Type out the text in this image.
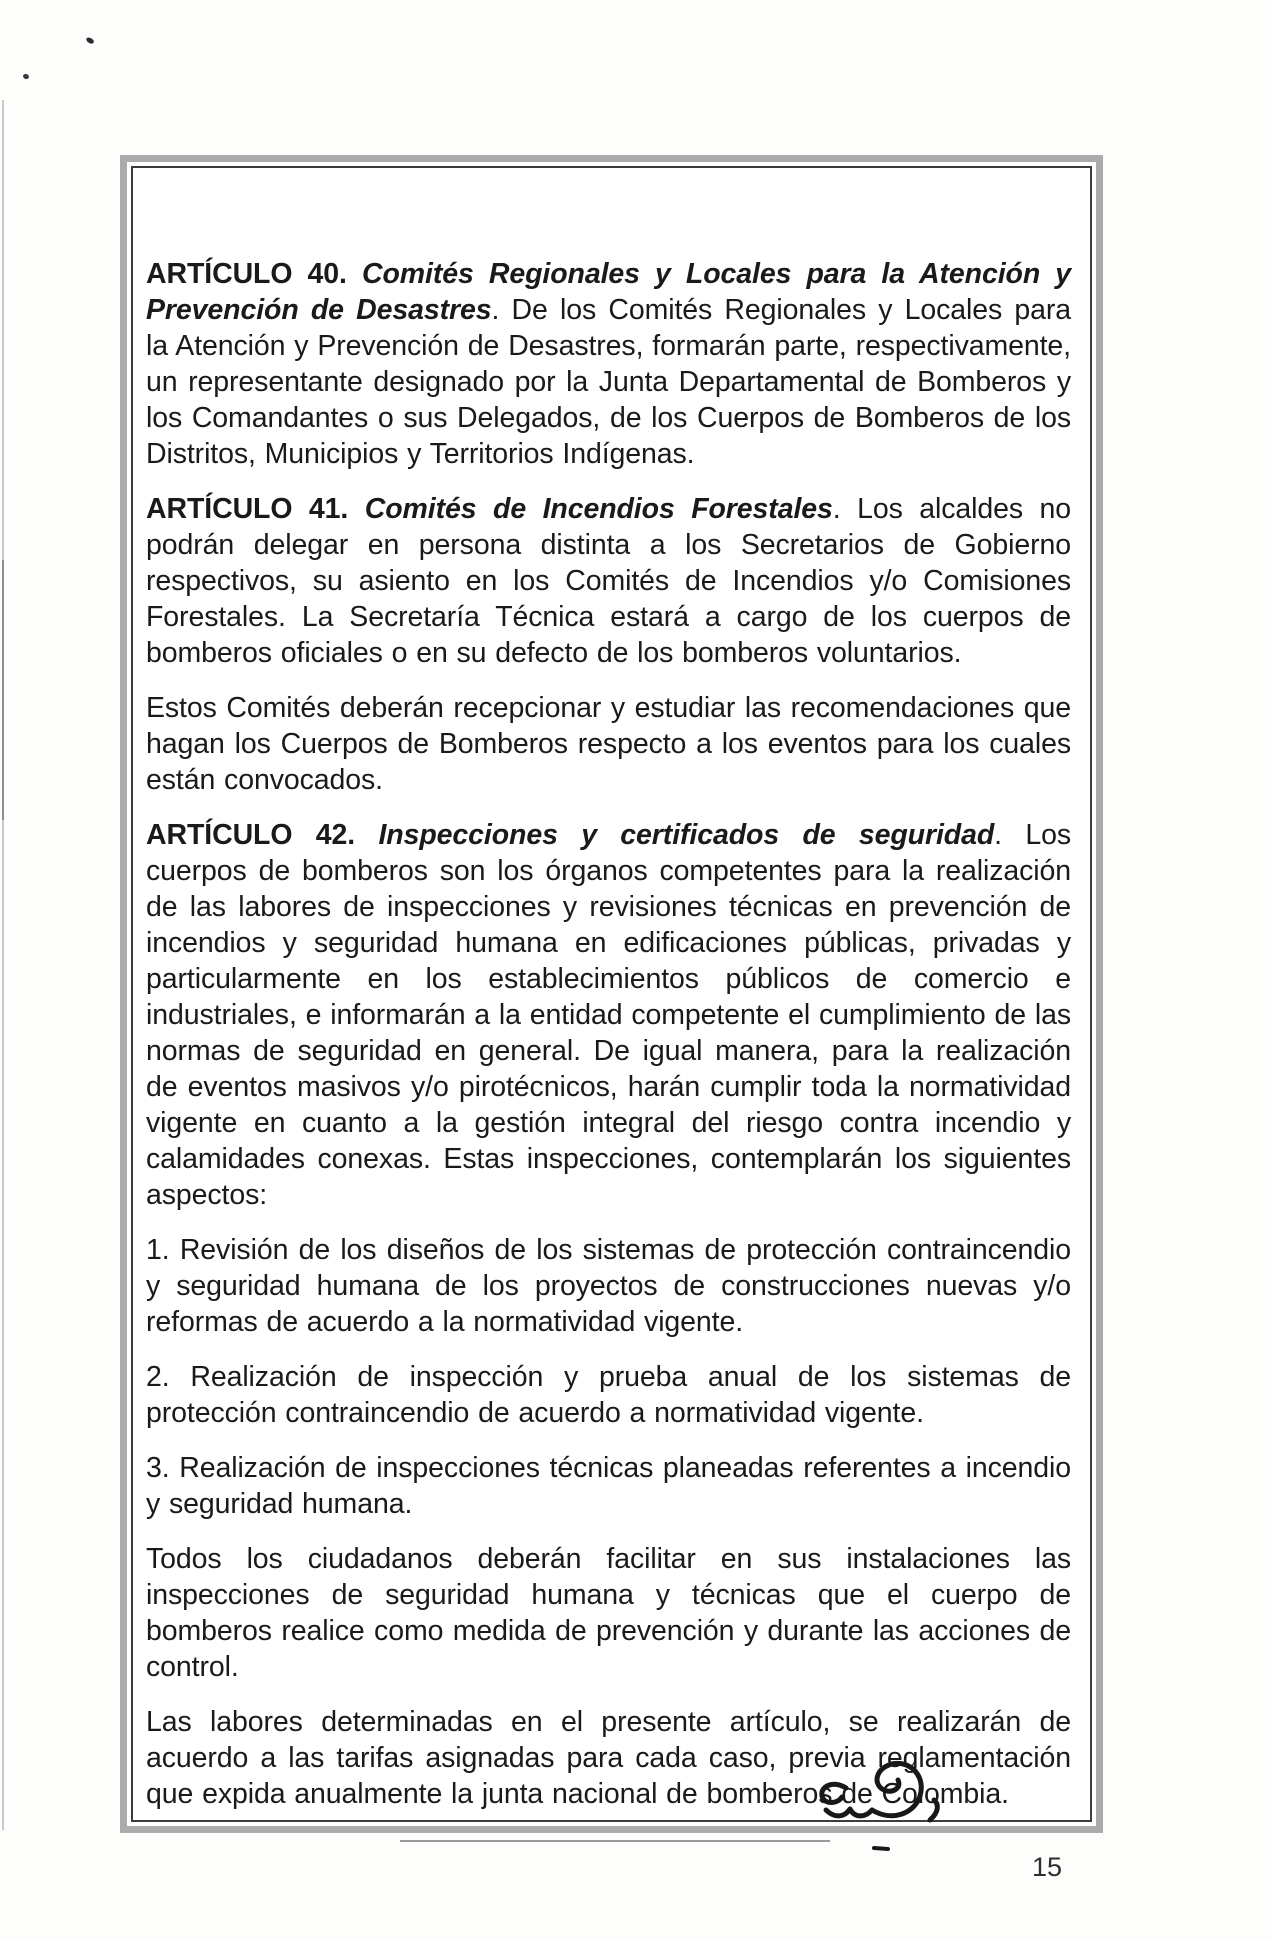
ARTÍCULO 40. Comités Regionales y Locales para la Atención y Prevención de Desastres. De los Comités Regionales y Locales para la Atención y Prevención de Desastres, formarán parte, respectivamente, un representante designado por la Junta Departamental de Bomberos y los Comandantes o sus Delegados, de los Cuerpos de Bomberos de los Distritos, Municipios y Territorios Indígenas.

ARTÍCULO 41. Comités de Incendios Forestales. Los alcaldes no podrán delegar en persona distinta a los Secretarios de Gobierno respectivos, su asiento en los Comités de Incendios y/o Comisiones Forestales. La Secretaría Técnica estará a cargo de los cuerpos de bomberos oficiales o en su defecto de los bomberos voluntarios.

Estos Comités deberán recepcionar y estudiar las recomendaciones que hagan los Cuerpos de Bomberos respecto a los eventos para los cuales están convocados.

ARTÍCULO 42. Inspecciones y certificados de seguridad. Los cuerpos de bomberos son los órganos competentes para la realización de las labores de inspecciones y revisiones técnicas en prevención de incendios y seguridad humana en edificaciones públicas, privadas y particularmente en los establecimientos públicos de comercio e industriales, e informarán a la entidad competente el cumplimiento de las normas de seguridad en general. De igual manera, para la realización de eventos masivos y/o pirotécnicos, harán cumplir toda la normatividad vigente en cuanto a la gestión integral del riesgo contra incendio y calamidades conexas. Estas inspecciones, contemplarán los siguientes aspectos:

1. Revisión de los diseños de los sistemas de protección contraincendio y seguridad humana de los proyectos de construcciones nuevas y/o reformas de acuerdo a la normatividad vigente.

2. Realización de inspección y prueba anual de los sistemas de protección contraincendio de acuerdo a normatividad vigente.

3. Realización de inspecciones técnicas planeadas referentes a incendio y seguridad humana.

Todos los ciudadanos deberán facilitar en sus instalaciones las inspecciones de seguridad humana y técnicas que el cuerpo de bomberos realice como medida de prevención y durante las acciones de control.

Las labores determinadas en el presente artículo, se realizarán de acuerdo a las tarifas asignadas para cada caso, previa reglamentación que expida anualmente la junta nacional de bomberos de Colombia.

15
